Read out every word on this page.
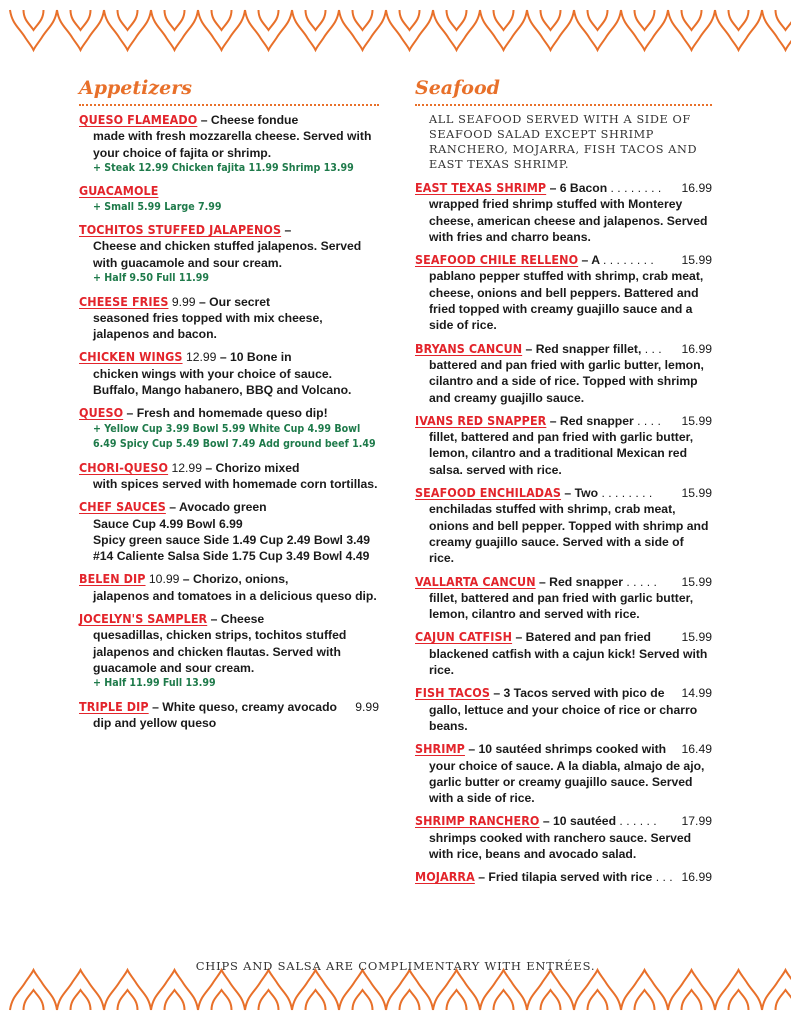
Appetizers
QUESO FLAMEADO – Cheese fondue
made with fresh mozzarella cheese. Served with your choice of fajita or shrimp.
+ Steak 12.99 Chicken fajita 11.99 Shrimp 13.99
GUACAMOLE
+ Small 5.99 Large 7.99
TOCHITOS STUFFED JALAPENOS –
Cheese and chicken stuffed jalapenos. Served with guacamole and sour cream.
+ Half 9.50 Full 11.99
CHEESE FRIES 9.99 – Our secret
seasoned fries topped with mix cheese, jalapenos and bacon.
CHICKEN WINGS 12.99 – 10 Bone in
chicken wings with your choice of sauce. Buffalo, Mango habanero, BBQ and Volcano.
QUESO – Fresh and homemade queso dip!
+ Yellow Cup 3.99 Bowl 5.99 White Cup 4.99 Bowl 6.49 Spicy Cup 5.49 Bowl 7.49 Add ground beef 1.49
CHORI-QUESO 12.99 – Chorizo mixed
with spices served with homemade corn tortillas.
CHEF SAUCES – Avocado green
Sauce Cup 4.99 Bowl 6.99
Spicy green sauce Side 1.49 Cup 2.49 Bowl 3.49
#14 Caliente Salsa Side 1.75 Cup 3.49 Bowl 4.49
BELEN DIP 10.99 – Chorizo, onions,
jalapenos and tomatoes in a delicious queso dip.
JOCELYN'S SAMPLER – Cheese
quesadillas, chicken strips, tochitos stuffed jalapenos and chicken flautas. Served with guacamole and sour cream.
+ Half 11.99 Full 13.99
TRIPLE DIP – White queso, creamy avocado	9.99
dip and yellow queso
Seafood
ALL SEAFOOD SERVED WITH A SIDE OF SEAFOOD SALAD EXCEPT SHRIMP RANCHERO, MOJARRA, FISH TACOS AND EAST TEXAS SHRIMP.
EAST TEXAS SHRIMP – 6 Bacon . . . . . . . .	16.99
wrapped fried shrimp stuffed with Monterey cheese, american cheese and jalapenos. Served with fries and charro beans.
SEAFOOD CHILE RELLENO – A . . . . . . . .	15.99
pablano pepper stuffed with shrimp, crab meat, cheese, onions and bell peppers. Battered and fried topped with creamy guajillo sauce and a side of rice.
BRYANS CANCUN – Red snapper fillet, . . .	16.99
battered and pan fried with garlic butter, lemon, cilantro and a side of rice. Topped with shrimp and creamy guajillo sauce.
IVANS RED SNAPPER – Red snapper . . . .	15.99
fillet, battered and pan fried with garlic butter, lemon, cilantro and a traditional Mexican red salsa. served with rice.
SEAFOOD ENCHILADAS – Two . . . . . . . .	15.99
enchiladas stuffed with shrimp, crab meat, onions and bell pepper. Topped with shrimp and creamy guajillo sauce. Served with a side of rice.
VALLARTA CANCUN – Red snapper . . . . .	15.99
fillet, battered and pan fried with garlic butter, lemon, cilantro and served with rice.
CAJUN CATFISH – Batered and pan fried	15.99
blackened catfish with a cajun kick! Served with rice.
FISH TACOS – 3 Tacos served with pico de	14.99
gallo, lettuce and your choice of rice or charro beans.
SHRIMP – 10 sautéed shrimps cooked with	16.49
your choice of sauce. A la diabla, almajo de ajo, garlic butter or creamy guajillo sauce. Served with a side of rice.
SHRIMP RANCHERO – 10 sautéed . . . . . .	17.99
shrimps cooked with ranchero sauce. Served with rice, beans and avocado salad.
MOJARRA – Fried tilapia served with rice . . . 16.99
CHIPS AND SALSA ARE COMPLIMENTARY WITH ENTRÉES.
